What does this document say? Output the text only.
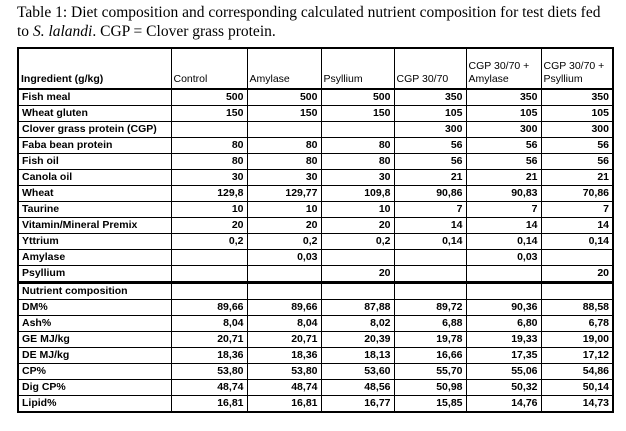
Table 1: Diet composition and corresponding calculated nutrient composition for test diets fed to S. lalandi. CGP = Clover grass protein.
Ingredient (g/kg)	Control	Amylase	Psyllium	CGP 30/70	CGP 30/70 + Amylase	CGP 30/70 + Psyllium
Fish meal	500	500	500	350	350	350
Wheat gluten	150	150	150	105	105	105
Clover grass protein (CGP)				300	300	300
Faba bean protein	80	80	80	56	56	56
Fish oil	80	80	80	56	56	56
Canola oil	30	30	30	21	21	21
Wheat	129,8	129,77	109,8	90,86	90,83	70,86
Taurine	10	10	10	7	7	7
Vitamin/Mineral Premix	20	20	20	14	14	14
Yttrium	0,2	0,2	0,2	0,14	0,14	0,14
Amylase		0,03			0,03	
Psyllium			20			20
Nutrient composition						
DM%	89,66	89,66	87,88	89,72	90,36	88,58
Ash%	8,04	8,04	8,02	6,88	6,80	6,78
GE MJ/kg	20,71	20,71	20,39	19,78	19,33	19,00
DE MJ/kg	18,36	18,36	18,13	16,66	17,35	17,12
CP%	53,80	53,80	53,60	55,70	55,06	54,86
Dig CP%	48,74	48,74	48,56	50,98	50,32	50,14
Lipid%	16,81	16,81	16,77	15,85	14,76	14,73
